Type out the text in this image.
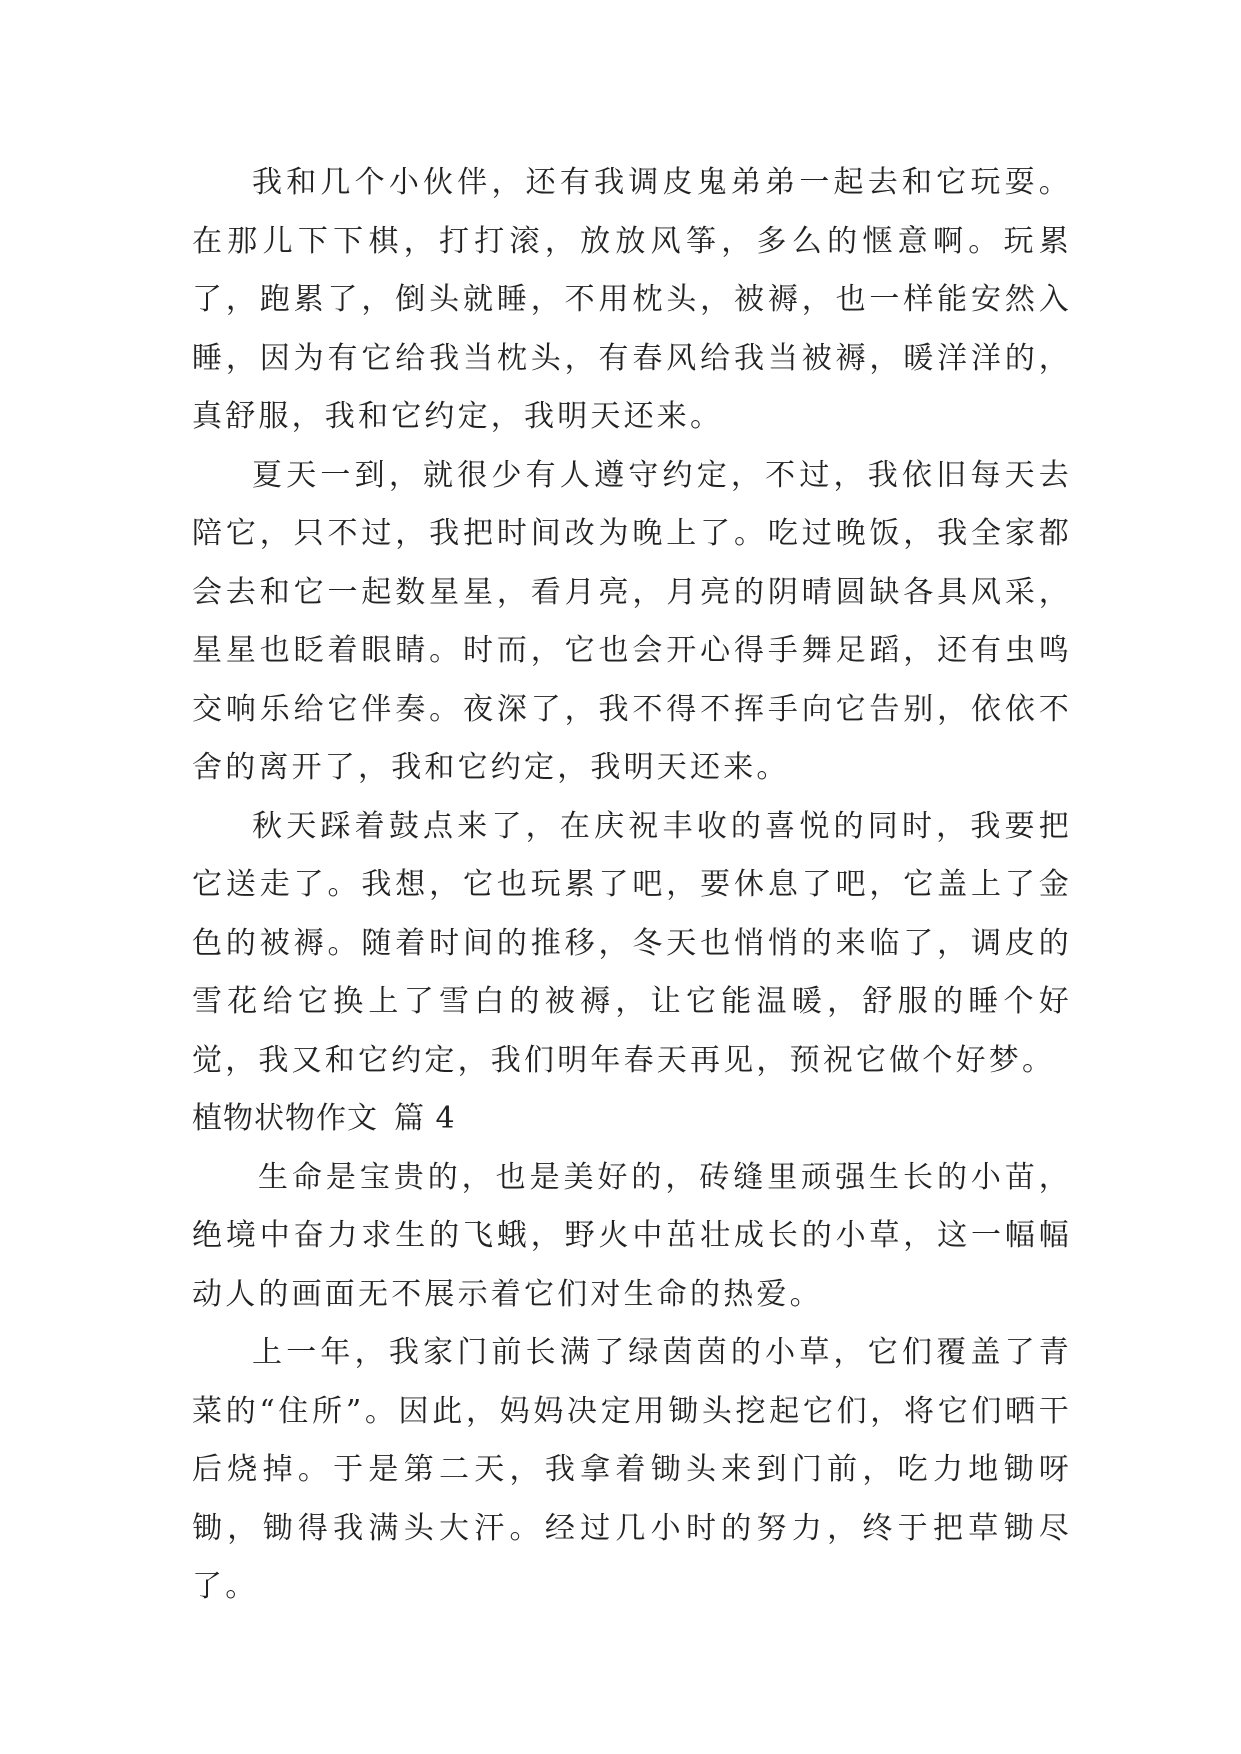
我和几个小伙伴，还有我调皮鬼弟弟一起去和它玩耍。在那儿下下棋，打打滚，放放风筝，多么的惬意啊。玩累了，跑累了，倒头就睡，不用枕头，被褥，也一样能安然入睡，因为有它给我当枕头，有春风给我当被褥，暖洋洋的，真舒服，我和它约定，我明天还来。

夏天一到，就很少有人遵守约定，不过，我依旧每天去陪它，只不过，我把时间改为晚上了。吃过晚饭，我全家都会去和它一起数星星，看月亮，月亮的阴晴圆缺各具风采，星星也眨着眼睛。时而，它也会开心得手舞足蹈，还有虫鸣交响乐给它伴奏。夜深了，我不得不挥手向它告别，依依不舍的离开了，我和它约定，我明天还来。

秋天踩着鼓点来了，在庆祝丰收的喜悦的同时，我要把它送走了。我想，它也玩累了吧，要休息了吧，它盖上了金色的被褥。随着时间的推移，冬天也悄悄的来临了，调皮的雪花给它换上了雪白的被褥，让它能温暖，舒服的睡个好觉，我又和它约定，我们明年春天再见，预祝它做个好梦。

植物状物作文 篇 4

生命是宝贵的，也是美好的，砖缝里顽强生长的小苗，绝境中奋力求生的飞蛾，野火中茁壮成长的小草，这一幅幅动人的画面无不展示着它们对生命的热爱。

上一年，我家门前长满了绿茵茵的小草，它们覆盖了青菜的“住所”。因此，妈妈决定用锄头挖起它们，将它们晒干后烧掉。于是第二天，我拿着锄头来到门前，吃力地锄呀锄，锄得我满头大汗。经过几小时的努力，终于把草锄尽了。
